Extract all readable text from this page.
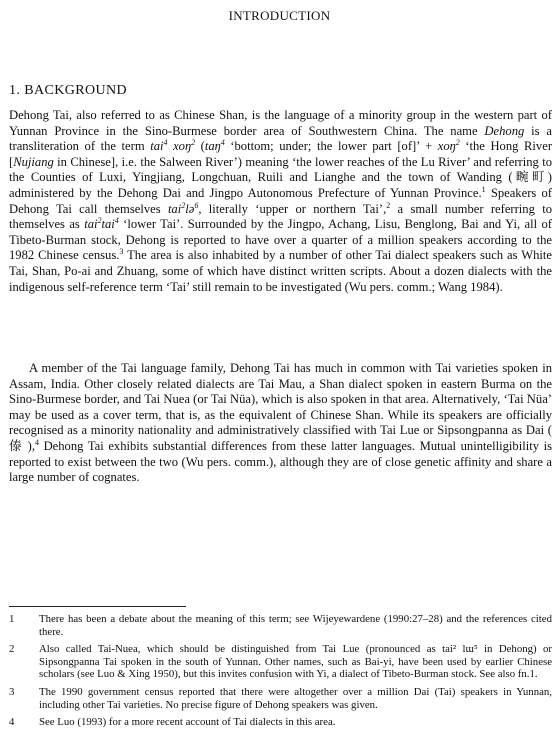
INTRODUCTION
1. BACKGROUND

Dehong Tai, also referred to as Chinese Shan, is the language of a minority group in the western part of Yunnan Province in the Sino-Burmese border area of Southwestern China. The name Dehong is a transliteration of the term tai$^4$ xoŋ$^2$ (taŋ$^4$ ‘bottom; under; the lower part [of]’ + xoŋ$^2$ ‘the Hong River [Nujiang in Chinese], i.e. the Salween River’) meaning ‘the lower reaches of the Lu River’ and referring to the Counties of Luxi, Yingjiang, Longchuan, Ruili and Lianghe and the town of Wanding (畹町) administered by the Dehong Dai and Jingpo Autonomous Prefecture of Yunnan Province.$^1$ Speakers of Dehong Tai call themselves tai$^2$lə$^6$, literally ‘upper or northern Tai’,$^2$ a small number referring to themselves as tai$^2$tai$^4$ ‘lower Tai’. Surrounded by the Jingpo, Achang, Lisu, Benglong, Bai and Yi, all of Tibeto-Burman stock, Dehong is reported to have over a quarter of a million speakers according to the 1982 Chinese census.$^3$ The area is also inhabited by a number of other Tai dialect speakers such as White Tai, Shan, Po-ai and Zhuang, some of which have distinct written scripts. About a dozen dialects with the indigenous self-reference term ‘Tai’ still remain to be investigated (Wu pers. comm.; Wang 1984).

A member of the Tai language family, Dehong Tai has much in common with Tai varieties spoken in Assam, India. Other closely related dialects are Tai Mau, a Shan dialect spoken in eastern Burma on the Sino-Burmese border, and Tai Nuea (or Tai Nüa), which is also spoken in that area. Alternatively, ‘Tai Nüa’ may be used as a cover term, that is, as the equivalent of Chinese Shan. While its speakers are officially recognised as a minority nationality and administratively classified with Tai Lue or Sipsongpanna as Dai ( 傣 ),$^4$ Dehong Tai exhibits substantial differences from these latter languages. Mutual unintelligibility is reported to exist between the two (Wu pers. comm.), although they are of close genetic affinity and share a large number of cognates.

1	There has been a debate about the meaning of this term; see Wijeyewardene (1990:27–28) and the references cited there.
2	Also called Tai-Nuea, which should be distinguished from Tai Lue (pronounced as tai² lɯ⁵ in Dehong) or Sipsongpanna Tai spoken in the south of Yunnan. Other names, such as Bai-yi, have been used by earlier Chinese scholars (see Luo & Xing 1950), but this invites confusion with Yi, a dialect of Tibeto-Burman stock. See also fn.1.
3	The 1990 government census reported that there were altogether over a million Dai (Tai) speakers in Yunnan, including other Tai varieties. No precise figure of Dehong speakers was given.
4	See Luo (1993) for a more recent account of Tai dialects in this area.
